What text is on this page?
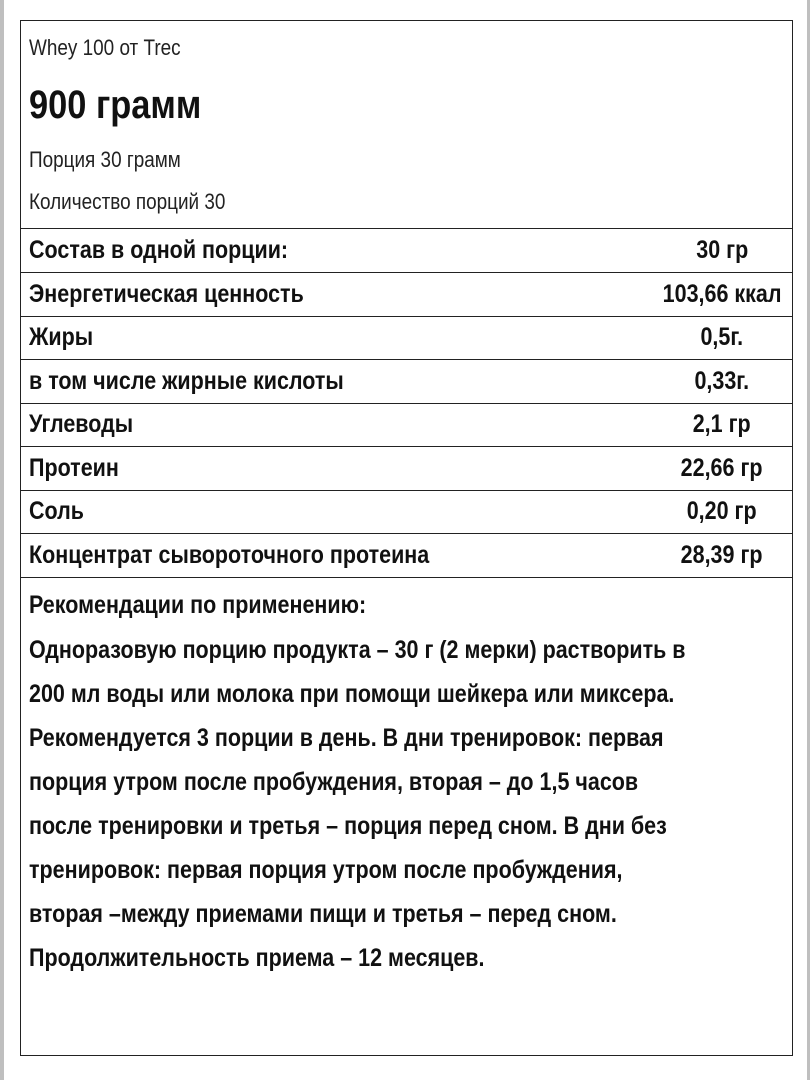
Whey 100 от Trec
900 грамм
Порция 30 грамм
Количество порций 30
Состав в одной порции:	30 гр
Энергетическая ценность	103,66 ккал
Жиры	0,5г.
в том числе жирные кислоты	0,33г.
Углеводы	2,1 гр
Протеин	22,66 гр
Соль	0,20 гр
Концентрат сывороточного протеина	28,39 гр
Рекомендации по применению:
Одноразовую порцию продукта – 30 г (2 мерки) растворить в
200 мл воды или молока при помощи шейкера или миксера.
Рекомендуется 3 порции в день. В дни тренировок: первая
порция утром после пробуждения, вторая – до 1,5 часов
после тренировки и третья – порция перед сном. В дни без
тренировок: первая порция утром после пробуждения,
вторая –между приемами пищи и третья – перед сном.
Продолжительность приема – 12 месяцев.
